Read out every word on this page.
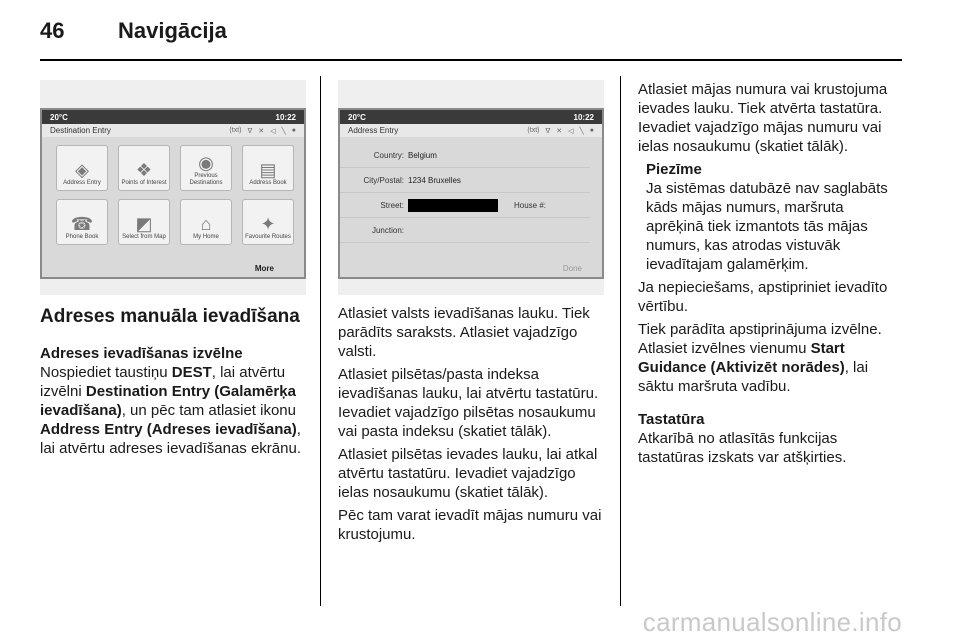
46 Navigācija
20°C	10:22
Destination Entry	(txt) ᐁ ✕ ◁ ╲ ●
◈
Address Entry
❖
Points of Interest
◉
Previous Destinations
▤
Address Book
☎
Phone Book
◩
Select from Map
⌂
My Home
✦
Favourite Routes
More
20°C	10:22
Address Entry	(txt) ᐁ ✕ ◁ ╲ ●
Country: Belgium
City/Postal: 1234 Bruxelles
Street:	House #:
Junction:
Done
Adreses manuāla ievadīšana

Adreses ievadīšanas izvēlne
Nospiediet taustiņu DEST, lai atvērtu izvēlni Destination Entry (Galamērķa ievadīšana), un pēc tam atlasiet ikonu Address Entry (Adreses ievadīšana), lai atvērtu adreses ievadīšanas ekrānu.

Atlasiet valsts ievadīšanas lauku. Tiek parādīts saraksts. Atlasiet vajadzīgo valsti.

Atlasiet pilsētas/pasta indeksa ievadīšanas lauku, lai atvērtu tastatūru. Ievadiet vajadzīgo pilsētas nosaukumu vai pasta indeksu (skatiet tālāk).

Atlasiet pilsētas ievades lauku, lai atkal atvērtu tastatūru. Ievadiet vajadzīgo ielas nosaukumu (skatiet tālāk).

Pēc tam varat ievadīt mājas numuru vai krustojumu.

Atlasiet mājas numura vai krustojuma ievades lauku. Tiek atvērta tastatūra. Ievadiet vajadzīgo mājas numuru vai ielas nosaukumu (skatiet tālāk).

Piezīme
Ja sistēmas datubāzē nav saglabāts kāds mājas numurs, maršruta aprēķinā tiek izmantots tās mājas numurs, kas atrodas vistuvāk ievadītajam galamērķim.

Ja nepieciešams, apstipriniet ievadīto vērtību.

Tiek parādīta apstiprinājuma izvēlne. Atlasiet izvēlnes vienumu Start Guidance (Aktivizēt norādes), lai sāktu maršruta vadību.

Tastatūra
Atkarībā no atlasītās funkcijas tastatūras izskats var atšķirties.

carmanualsonline.info
